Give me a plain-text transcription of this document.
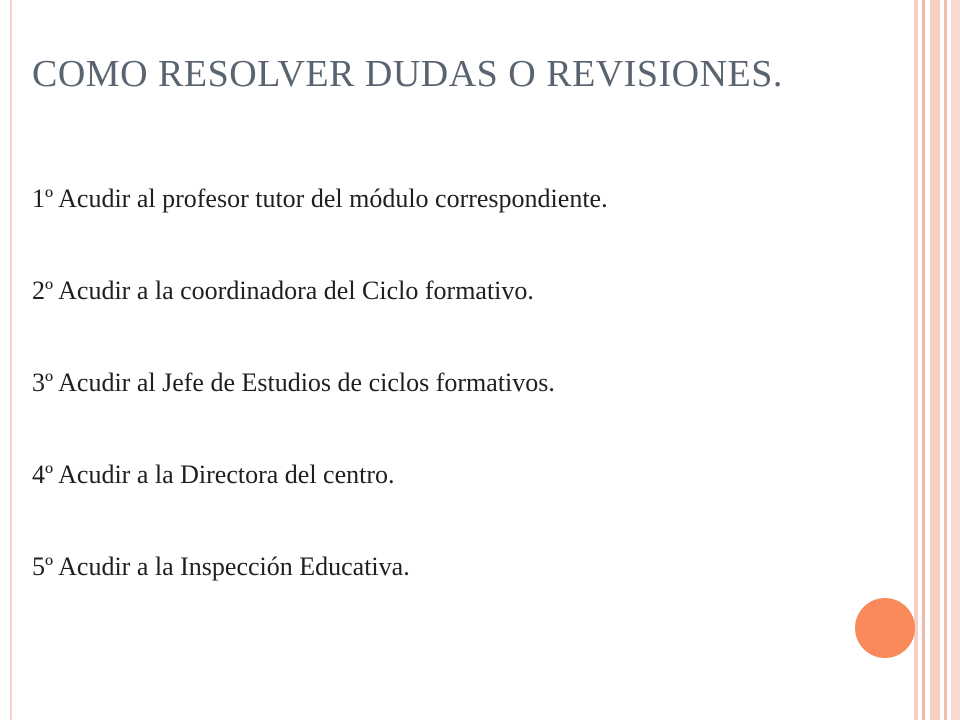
COMO RESOLVER DUDAS O REVISIONES.
1º Acudir al profesor tutor del módulo correspondiente.
2º Acudir a la coordinadora del Ciclo formativo.
3º Acudir al Jefe de Estudios de ciclos formativos.
4º Acudir a la Directora del centro.
5º Acudir a la Inspección Educativa.
